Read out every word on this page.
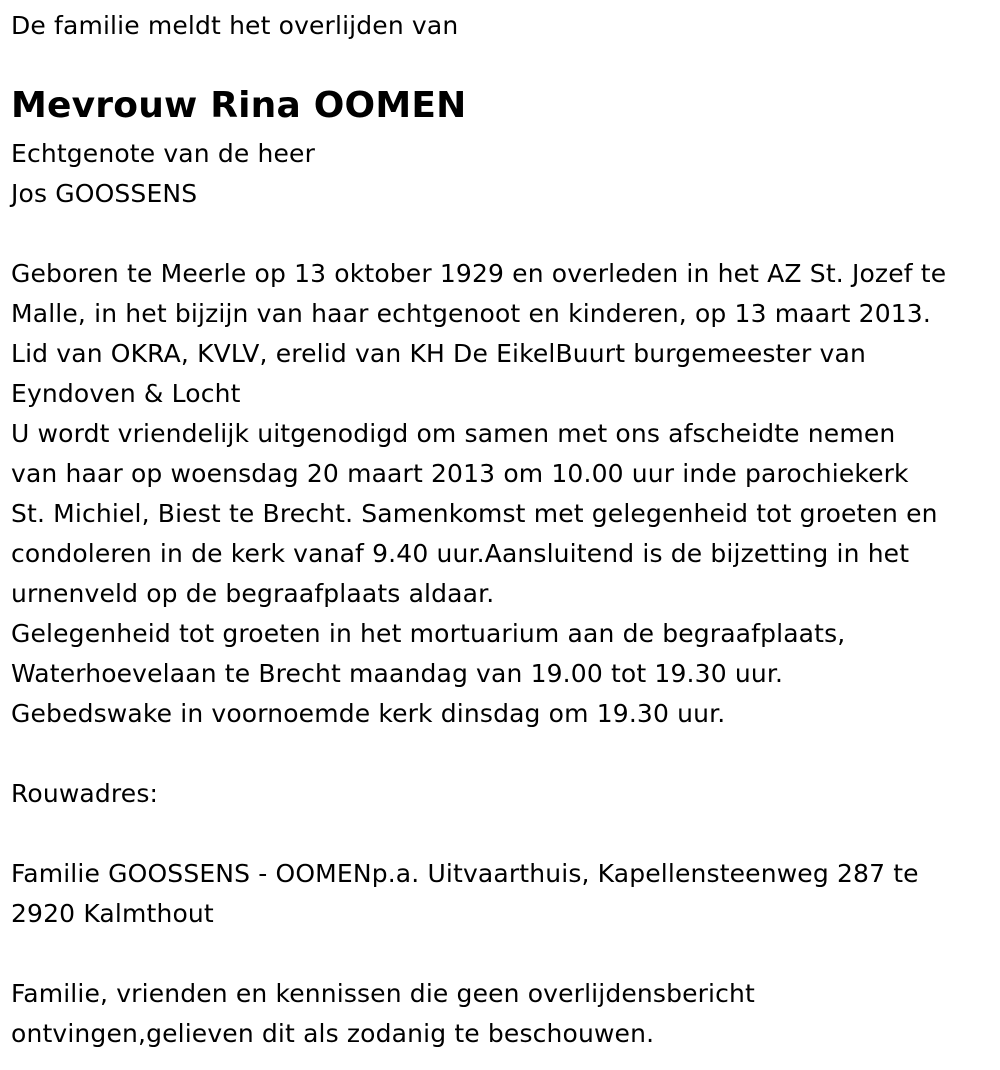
De familie meldt het overlijden van
Mevrouw Rina OOMEN
Echtgenote van de heer
Jos GOOSSENS
Geboren te Meerle op 13 oktober 1929 en overleden in het AZ St. Jozef te
Malle, in het bijzijn van haar echtgenoot en kinderen, op 13 maart 2013.
Lid van OKRA, KVLV, erelid van KH De EikelBuurt burgemeester van
Eyndoven & Locht
U wordt vriendelijk uitgenodigd om samen met ons afscheidte nemen
van haar op woensdag 20 maart 2013 om 10.00 uur inde parochiekerk
St. Michiel, Biest te Brecht. Samenkomst met gelegenheid tot groeten en
condoleren in de kerk vanaf 9.40 uur.Aansluitend is de bijzetting in het
urnenveld op de begraafplaats aldaar.
Gelegenheid tot groeten in het mortuarium aan de begraafplaats,
Waterhoevelaan te Brecht maandag van 19.00 tot 19.30 uur.
Gebedswake in voornoemde kerk dinsdag om 19.30 uur.
Rouwadres:
Familie GOOSSENS - OOMENp.a. Uitvaarthuis, Kapellensteenweg 287 te
2920 Kalmthout
Familie, vrienden en kennissen die geen overlijdensbericht
ontvingen,gelieven dit als zodanig te beschouwen.
